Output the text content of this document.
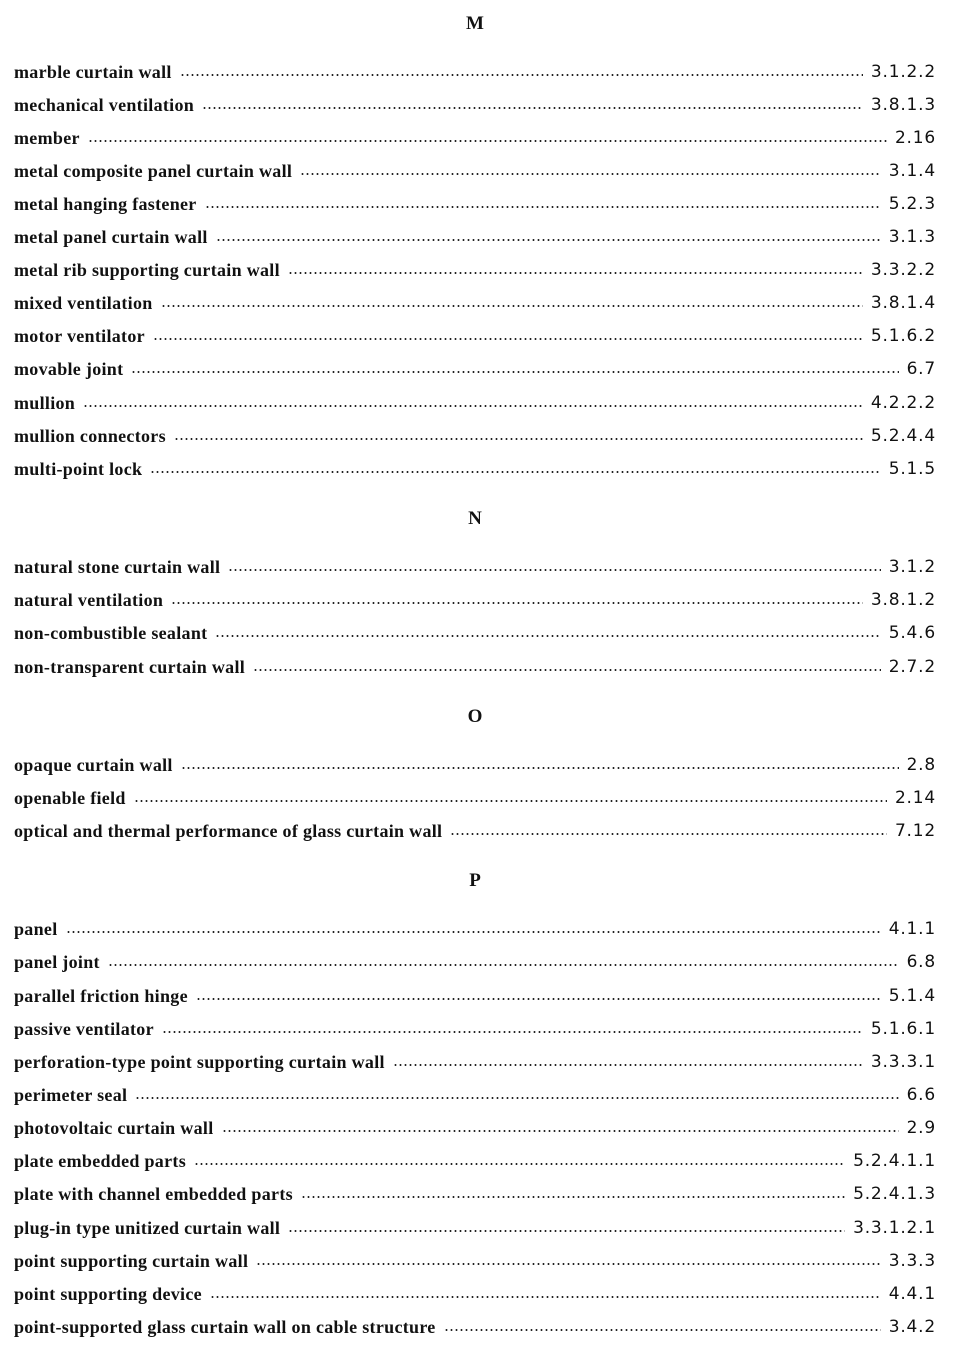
M
marble curtain wall	3.1.2.2
mechanical ventilation	3.8.1.3
member	2.16
metal composite panel curtain wall	3.1.4
metal hanging fastener	5.2.3
metal panel curtain wall	3.1.3
metal rib supporting curtain wall	3.3.2.2
mixed ventilation	3.8.1.4
motor ventilator	5.1.6.2
movable joint	6.7
mullion	4.2.2.2
mullion connectors	5.2.4.4
multi-point lock	5.1.5
N
natural stone curtain wall	3.1.2
natural ventilation	3.8.1.2
non-combustible sealant	5.4.6
non-transparent curtain wall	2.7.2
O
opaque curtain wall	2.8
openable field	2.14
optical and thermal performance of glass curtain wall	7.12
P
panel	4.1.1
panel joint	6.8
parallel friction hinge	5.1.4
passive ventilator	5.1.6.1
perforation-type point supporting curtain wall	3.3.3.1
perimeter seal	6.6
photovoltaic curtain wall	2.9
plate embedded parts	5.2.4.1.1
plate with channel embedded parts	5.2.4.1.3
plug-in type unitized curtain wall	3.3.1.2.1
point supporting curtain wall	3.3.3
point supporting device	4.4.1
point-supported glass curtain wall on cable structure	3.4.2
